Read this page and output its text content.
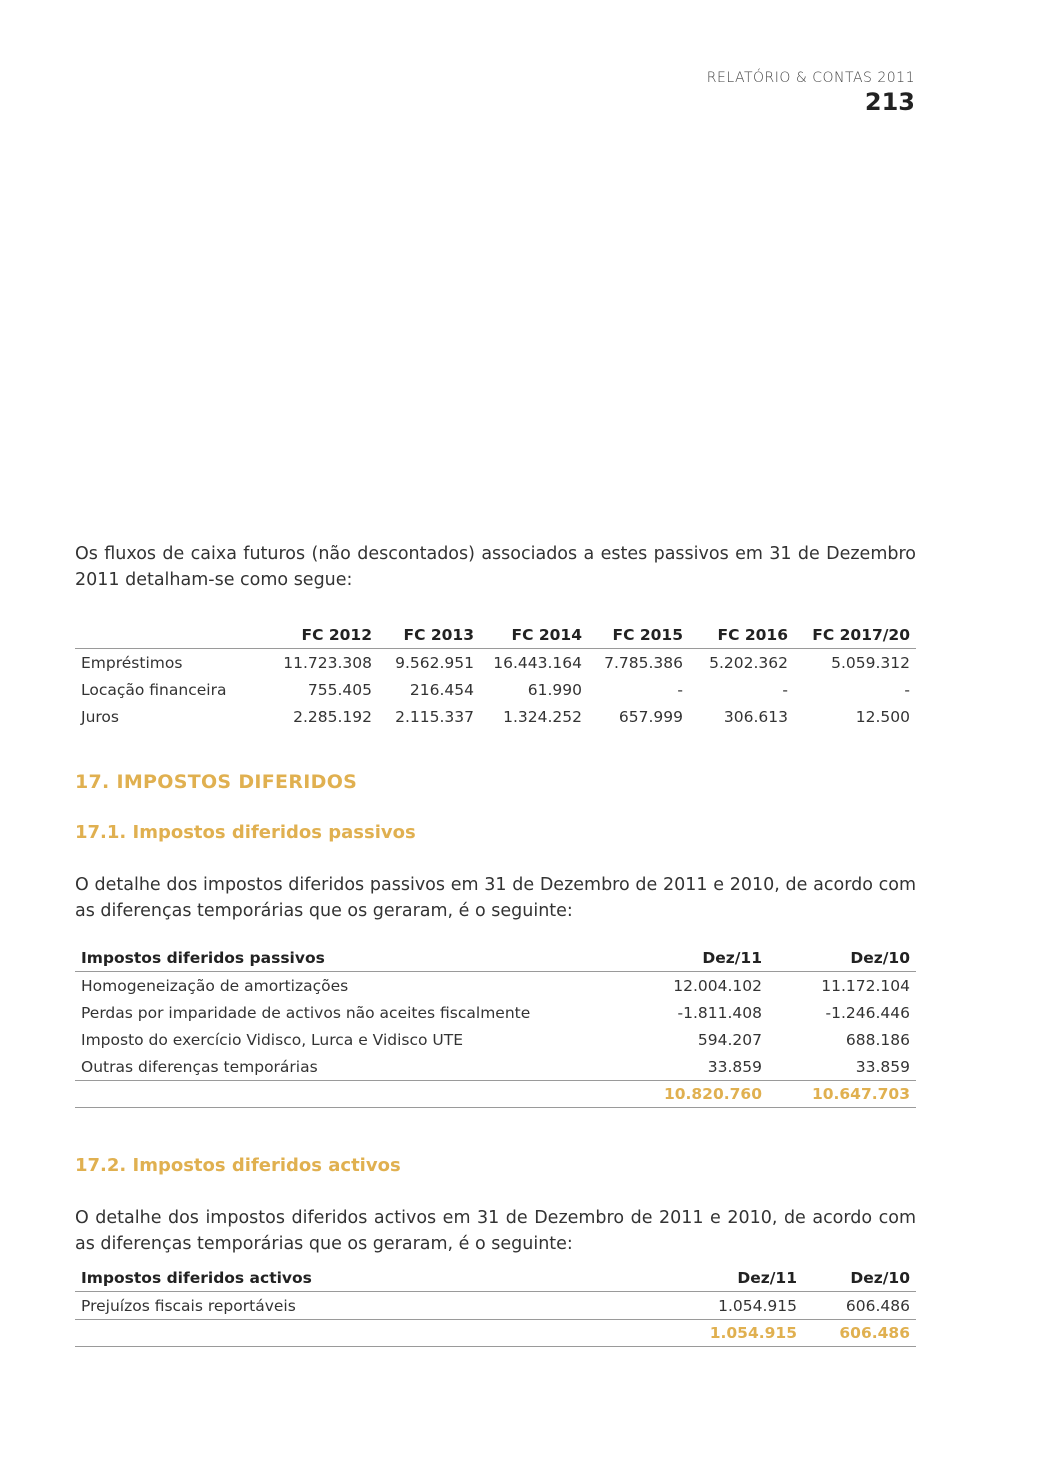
RELATÓRIO & CONTAS 2011
213

Os fluxos de caixa futuros (não descontados) associados a estes passivos em 31 de Dezembro 2011 detalham-se como segue:

	FC 2012	FC 2013	FC 2014	FC 2015	FC 2016	FC 2017/20
Empréstimos	11.723.308	9.562.951	16.443.164	7.785.386	5.202.362	5.059.312
Locação financeira	755.405	216.454	61.990	-	-	-
Juros	2.285.192	2.115.337	1.324.252	657.999	306.613	12.500
17. IMPOSTOS DIFERIDOS
17.1. Impostos diferidos passivos

O detalhe dos impostos diferidos passivos em 31 de Dezembro de 2011 e 2010, de acordo com as diferenças temporárias que os geraram, é o seguinte:

Impostos diferidos passivos	Dez/11	Dez/10
Homogeneização de amortizações	12.004.102	11.172.104
Perdas por imparidade de activos não aceites fiscalmente	-1.811.408	-1.246.446
Imposto do exercício Vidisco, Lurca e Vidisco UTE	594.207	688.186
Outras diferenças temporárias	33.859	33.859
	10.820.760	10.647.703
17.2. Impostos diferidos activos

O detalhe dos impostos diferidos activos em 31 de Dezembro de 2011 e 2010, de acordo com as diferenças temporárias que os geraram, é o seguinte:

Impostos diferidos activos	Dez/11	Dez/10
Prejuízos fiscais reportáveis	1.054.915	606.486
	1.054.915	606.486
